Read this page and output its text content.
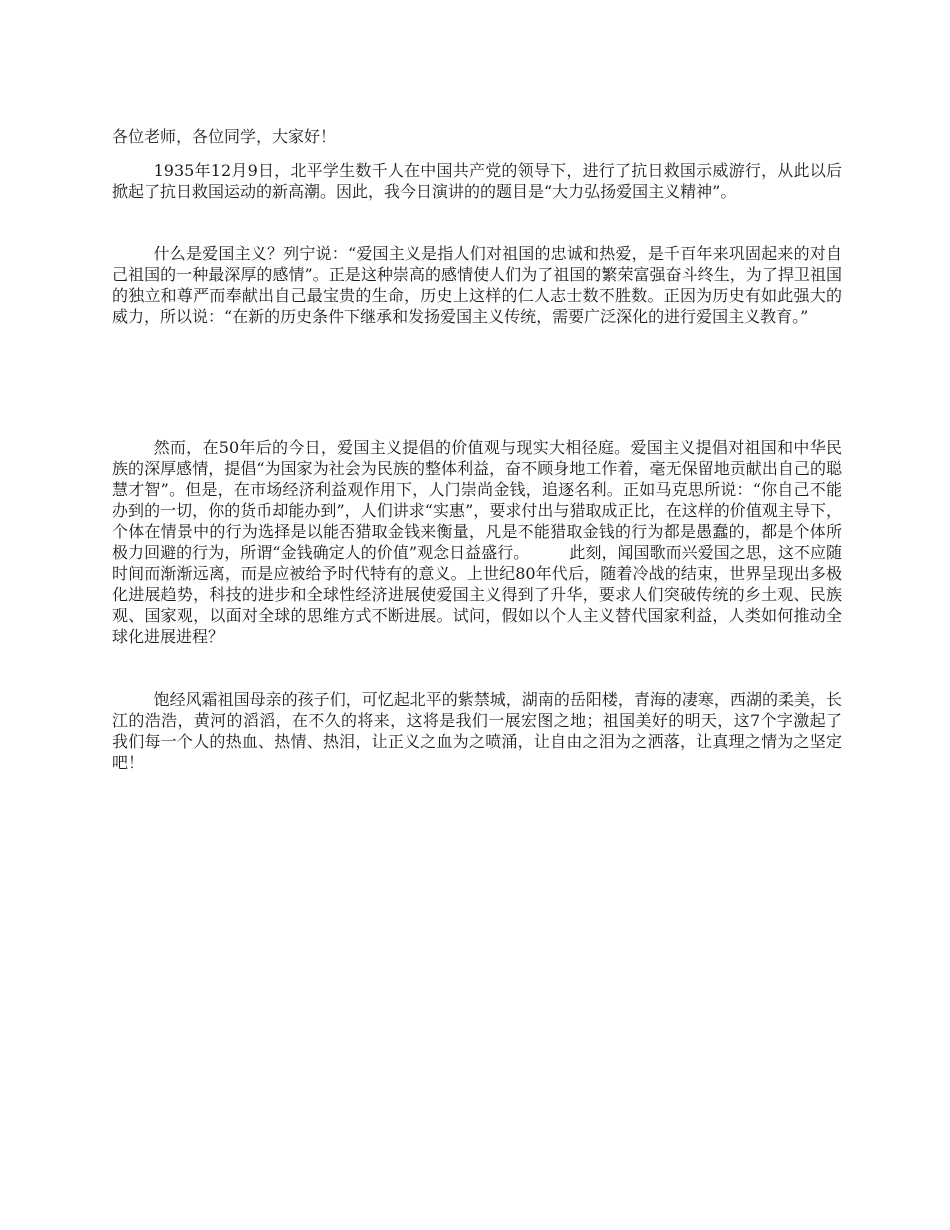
各位老师，各位同学，大家好！
1935年12月9日，北平学生数千人在中国共产党的领导下，进行了抗日救国示威游行，从此以后掀起了抗日救国运动的新高潮。因此，我今日演讲的的题目是“大力弘扬爱国主义精神”。
什么是爱国主义？列宁说：“爱国主义是指人们对祖国的忠诚和热爱，是千百年来巩固起来的对自己祖国的一种最深厚的感情”。正是这种崇高的感情使人们为了祖国的繁荣富强奋斗终生，为了捍卫祖国的独立和尊严而奉献出自己最宝贵的生命，历史上这样的仁人志士数不胜数。正因为历史有如此强大的威力，所以说：“在新的历史条件下继承和发扬爱国主义传统，需要广泛深化的进行爱国主义教育。”
然而，在50年后的今日，爱国主义提倡的价值观与现实大相径庭。爱国主义提倡对祖国和中华民族的深厚感情，提倡“为国家为社会为民族的整体利益，奋不顾身地工作着，毫无保留地贡献出自己的聪慧才智”。但是，在市场经济利益观作用下，人门崇尚金钱，追逐名利。正如马克思所说：“你自己不能办到的一切，你的货币却能办到”，人们讲求“实惠”，要求付出与猎取成正比，在这样的价值观主导下，个体在情景中的行为选择是以能否猎取金钱来衡量，凡是不能猎取金钱的行为都是愚蠢的，都是个体所极力回避的行为，所谓“金钱确定人的价值”观念日益盛行。　　　此刻，闻国歌而兴爱国之思，这不应随时间而渐渐远离，而是应被给予时代特有的意义。上世纪80年代后，随着冷战的结束，世界呈现出多极化进展趋势，科技的进步和全球性经济进展使爱国主义得到了升华，要求人们突破传统的乡土观、民族观、国家观，以面对全球的思维方式不断进展。试问，假如以个人主义替代国家利益，人类如何推动全球化进展进程？
饱经风霜祖国母亲的孩子们，可忆起北平的紫禁城，湖南的岳阳楼，青海的凄寒，西湖的柔美，长江的浩浩，黄河的滔滔，在不久的将来，这将是我们一展宏图之地；祖国美好的明天，这7个字激起了我们每一个人的热血、热情、热泪，让正义之血为之喷涌，让自由之泪为之洒落，让真理之情为之坚定吧！
